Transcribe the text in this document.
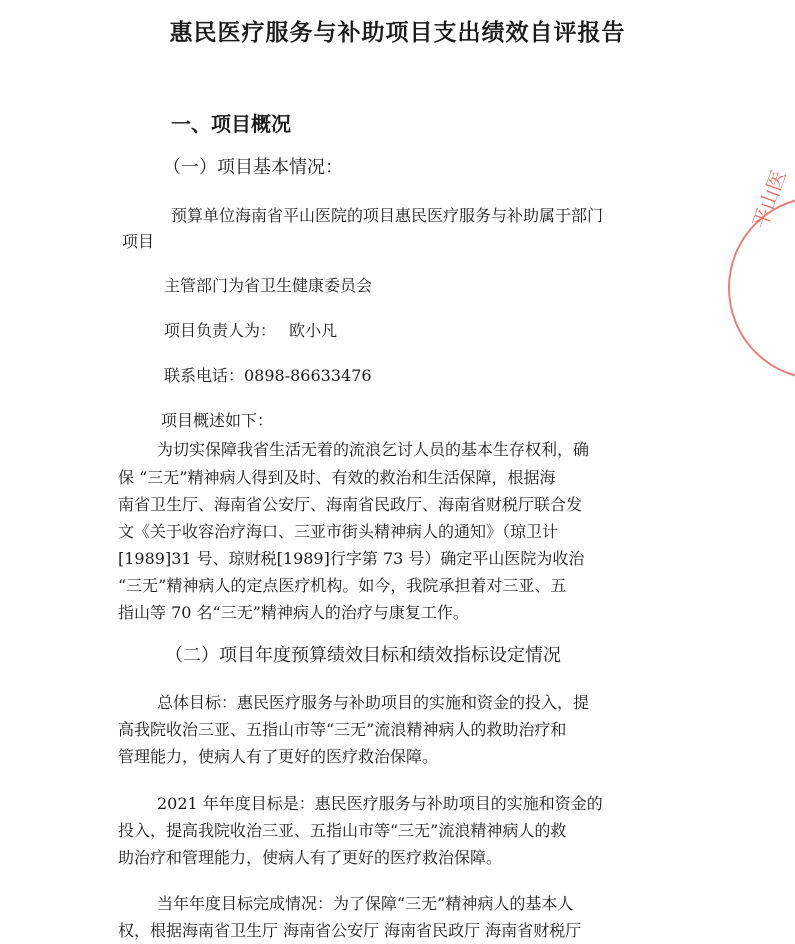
惠民医疗服务与补助项目支出绩效自评报告
一、项目概况
（一）项目基本情况：
预算单位海南省平山医院的项目惠民医疗服务与补助属于部门
项目
主管部门为省卫生健康委员会
项目负责人为：　 欧小凡
联系电话：0898-86633476
项目概述如下：
为切实保障我省生活无着的流浪乞讨人员的基本生存权利，确
保 “三无”精神病人得到及时、有效的救治和生活保障，根据海
南省卫生厅、海南省公安厅、海南省民政厅、海南省财税厅联合发
文《关于收容治疗海口、三亚市街头精神病人的通知》（琼卫计
[1989]31 号、琼财税[1989]行字第 73 号）确定平山医院为收治
“三无”精神病人的定点医疗机构。如今，我院承担着对三亚、五
指山等 70 名“三无”精神病人的治疗与康复工作。
（二）项目年度预算绩效目标和绩效指标设定情况
总体目标：惠民医疗服务与补助项目的实施和资金的投入，提
高我院收治三亚、五指山市等“三无”流浪精神病人的救助治疗和
管理能力，使病人有了更好的医疗救治保障。
2021 年年度目标是：惠民医疗服务与补助项目的实施和资金的
投入，提高我院收治三亚、五指山市等“三无”流浪精神病人的救
助治疗和管理能力，使病人有了更好的医疗救治保障。
当年年度目标完成情况：为了保障“三无”精神病人的基本人
权，根据海南省卫生厅 海南省公安厅 海南省民政厅 海南省财税厅
平山医
